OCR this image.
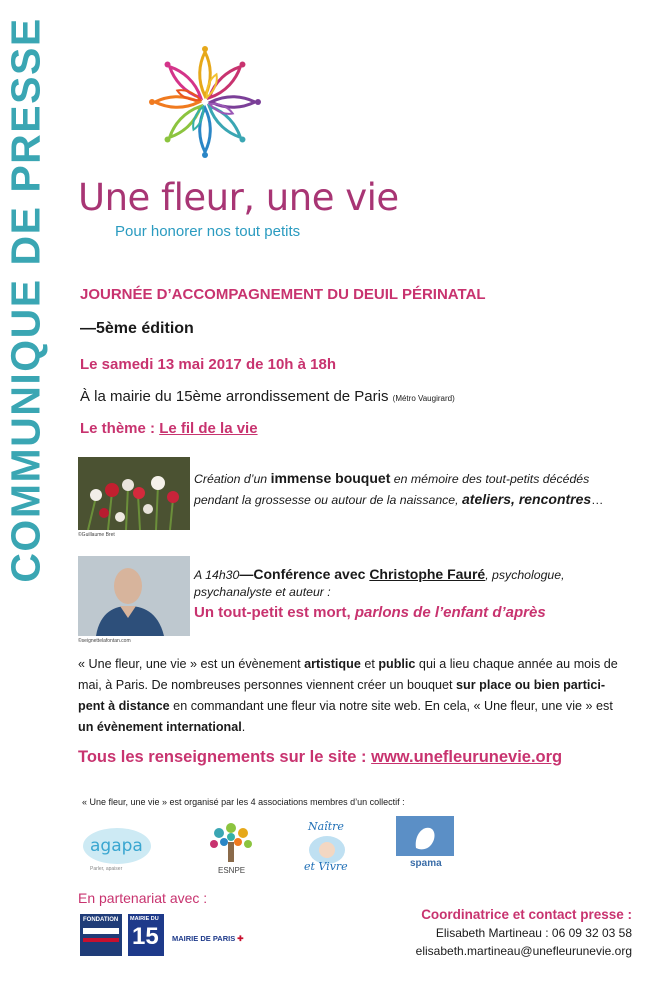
COMMUNIQUE DE PRESSE Une fleur, une vie
Pour honorer nos tout petits
JOURNÉE D’ACCOMPAGNEMENT DU DEUIL PÉRINATAL
—5ème édition
Le samedi 13 mai 2017 de 10h à 18h
À la mairie du 15ème arrondissement de Paris (Métro Vaugirard)
Le thème : Le fil de la vie
©Guillaume Bret
Création d’un immense bouquet en mémoire des tout-petits décédés
pendant la grossesse ou autour de la naissance, ateliers, rencontres…
©seignettelafontan.com
A 14h30—Conférence avec Christophe Fauré, psychologue,
psychanalyste et auteur :
Un tout-petit est mort, parlons de l’enfant d’après
« Une fleur, une vie » est un évènement artistique et public qui a lieu chaque année au mois de
mai, à Paris. De nombreuses personnes viennent créer un bouquet sur place ou bien partici-
pent à distance en commandant une fleur via notre site web. En cela, « Une fleur, une vie » est
un évènement international.
Tous les renseignements sur le site : www.unefleurunevie.org
« Une fleur, une vie » est organisé par les 4 associations membres d’un collectif :
agapa
Parler, apaiser	ESNPE
Naître
et Vivre	spama
En partenariat avec :
FONDATION MAIRIE DU
15 MAIRIE DE PARIS ✚
Coordinatrice et contact presse :
Elisabeth Martineau : 06 09 32 03 58
elisabeth.martineau@unefleurunevie.org
